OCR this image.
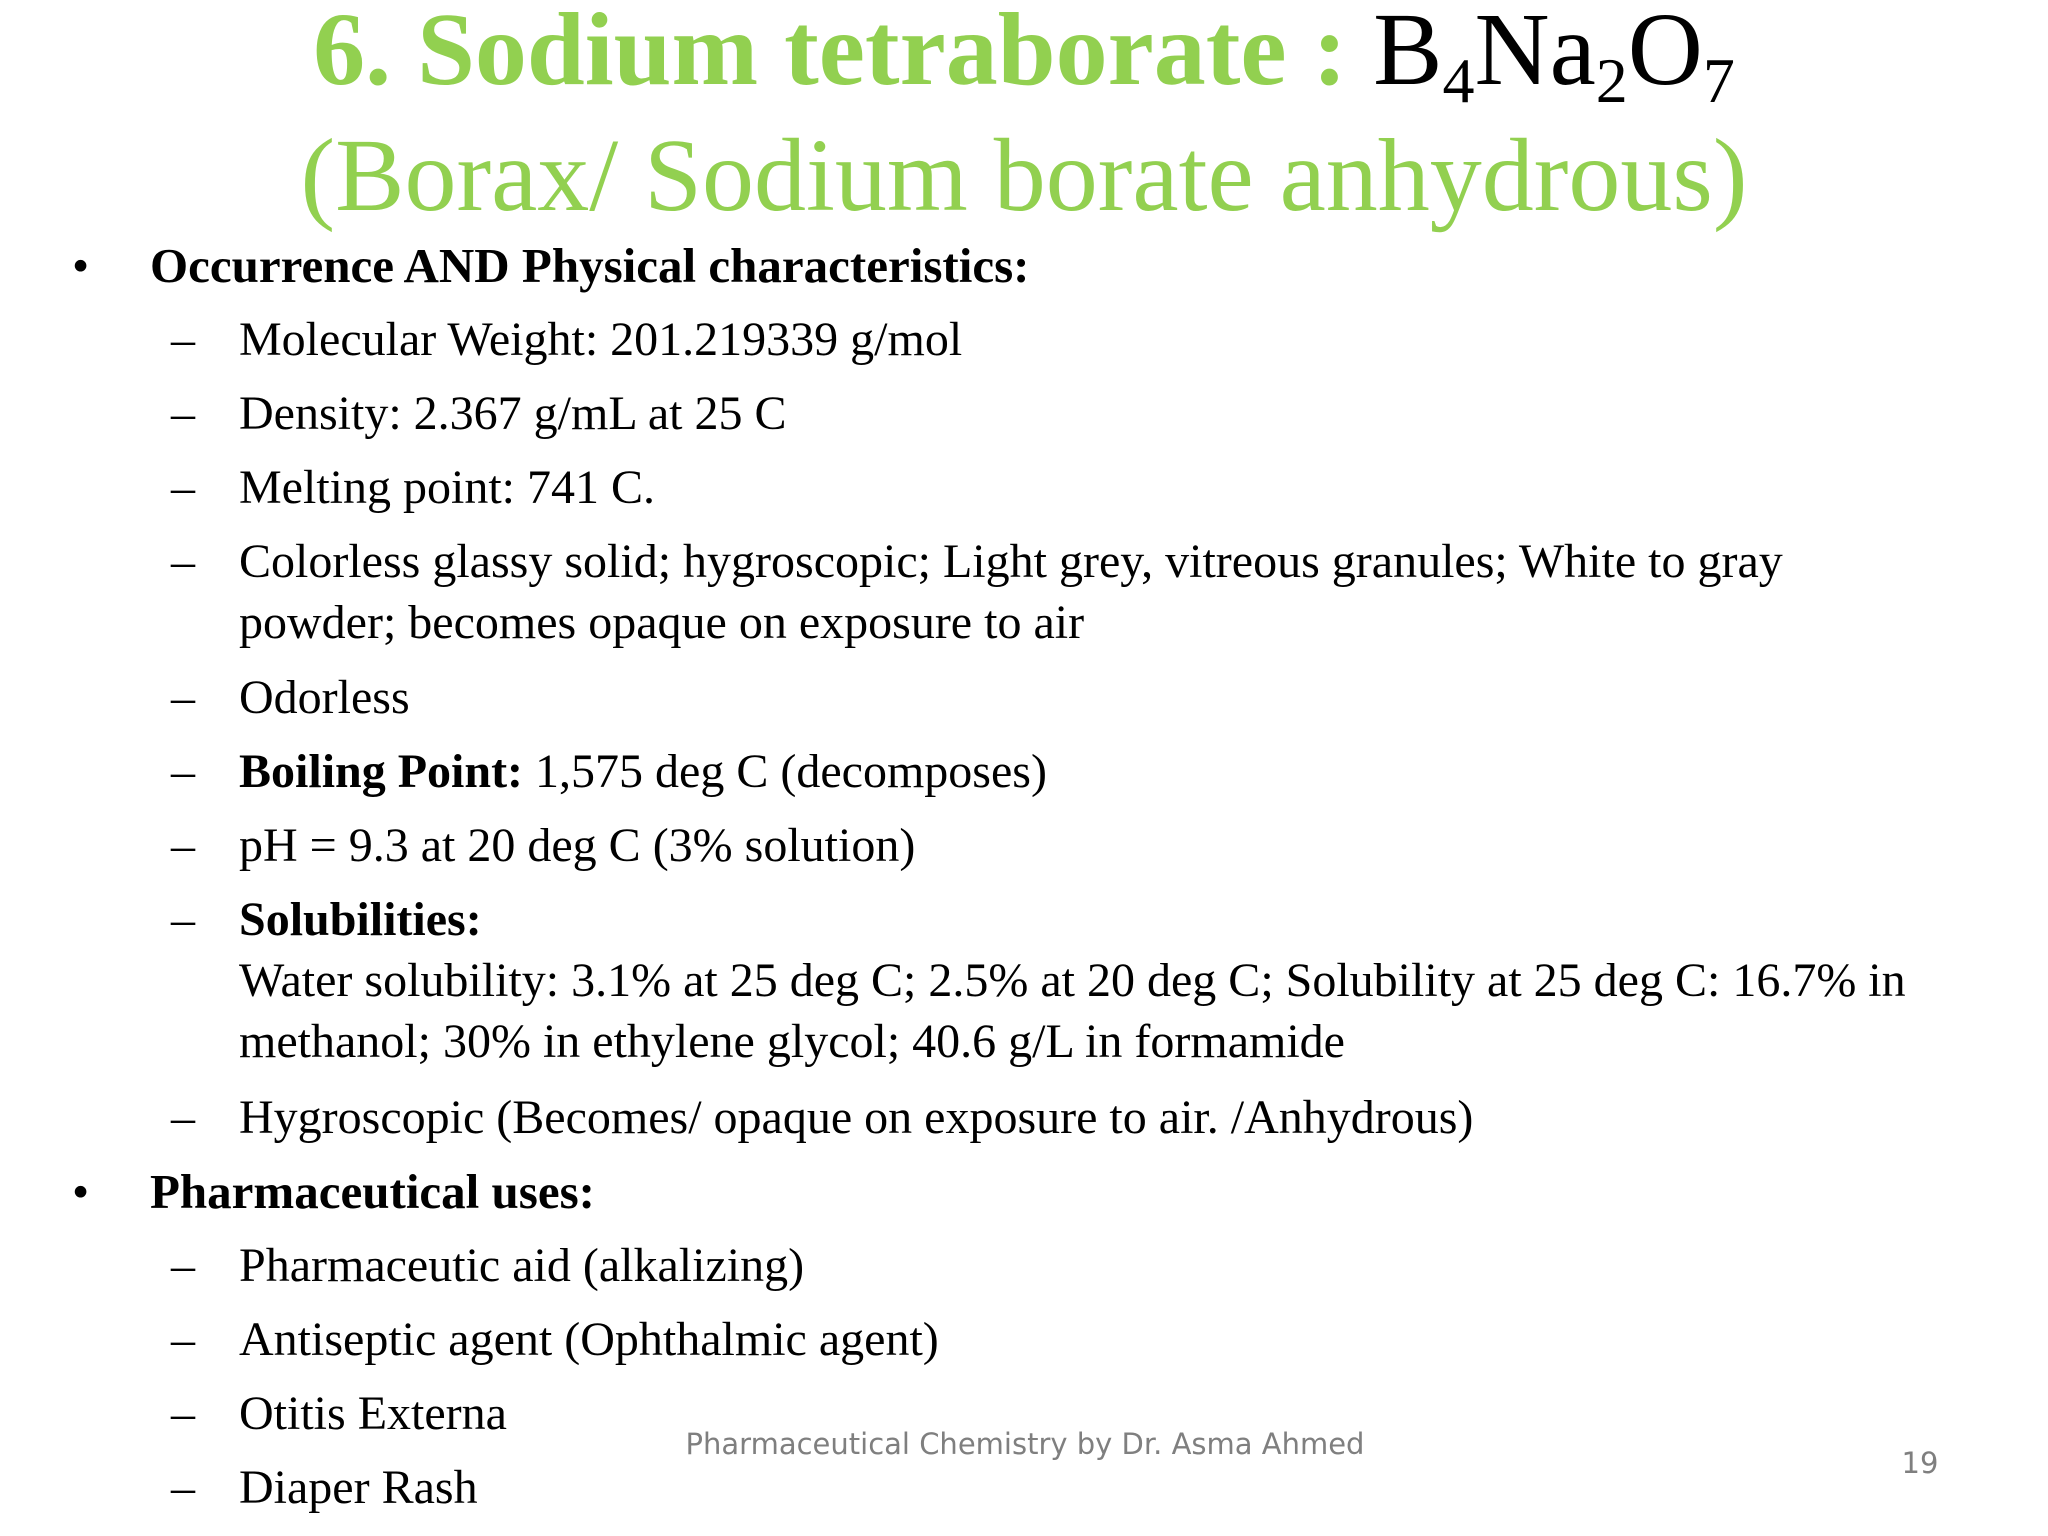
6. Sodium tetraborate : $B_4Na_2O_7$
(Borax/ Sodium borate anhydrous)
• Occurrence AND Physical characteristics:
– Molecular Weight: 201.219339 g/mol
– Density: 2.367 g/mL at 25 C
– Melting point: 741 C.
– Colorless glassy solid; hygroscopic; Light grey, vitreous granules; White to gray powder; becomes opaque on exposure to air
– Odorless
– Boiling Point: 1,575 deg C (decomposes)
– pH = 9.3 at 20 deg C (3% solution)
– Solubilities:
Water solubility: 3.1% at 25 deg C; 2.5% at 20 deg C; Solubility at 25 deg C: 16.7% in methanol; 30% in ethylene glycol; 40.6 g/L in formamide
– Hygroscopic (Becomes/ opaque on exposure to air. /Anhydrous)
• Pharmaceutical uses:
– Pharmaceutic aid (alkalizing)
– Antiseptic agent (Ophthalmic agent)
– Otitis Externa
– Diaper Rash
Pharmaceutical Chemistry by Dr. Asma Ahmed
19
